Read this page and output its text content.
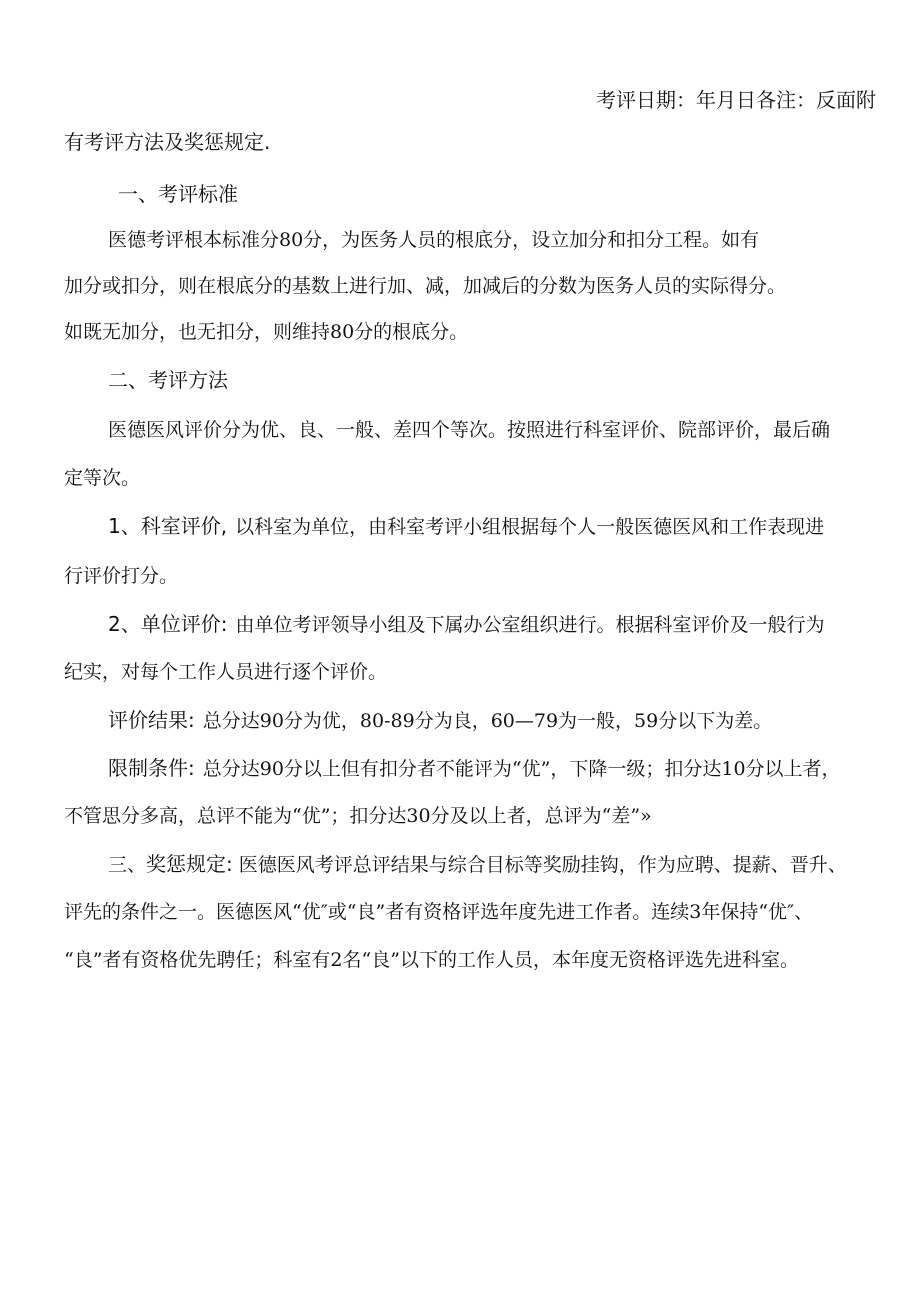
考评日期：年月日各注：反面附
有考评方法及奖惩规定.
一、考评标准
医德考评根本标准分80分，为医务人员的根底分，设立加分和扣分工程。如有
加分或扣分，则在根底分的基数上进行加、减，加减后的分数为医务人员的实际得分。
如既无加分，也无扣分，则维持80分的根底分。
二、考评方法
医德医风评价分为优、良、一般、差四个等次。按照进行科室评价、院部评价，最后确
定等次。
1、科室评价, 以科室为单位，由科室考评小组根据每个人一般医德医风和工作表现进
行评价打分。
2、单位评价: 由单位考评领导小组及下属办公室组织进行。根据科室评价及一般行为
纪实，对每个工作人员进行逐个评价。
评价结果: 总分达90分为优，80-89分为良，60—79为一般，59分以下为差。
限制条件: 总分达90分以上但有扣分者不能评为“优”，下降一级；扣分达10分以上者，
不管思分多高，总评不能为“优”；扣分达30分及以上者，总评为“差”»
三、奖惩规定: 医德医风考评总评结果与综合目标等奖励挂钩，作为应聘、提薪、晋升、
评先的条件之一。医德医风“优″或“良”者有资格评选年度先进工作者。连续3年保持“优″、
“良”者有资格优先聘任；科室有2名“良”以下的工作人员，本年度无资格评选先进科室。
